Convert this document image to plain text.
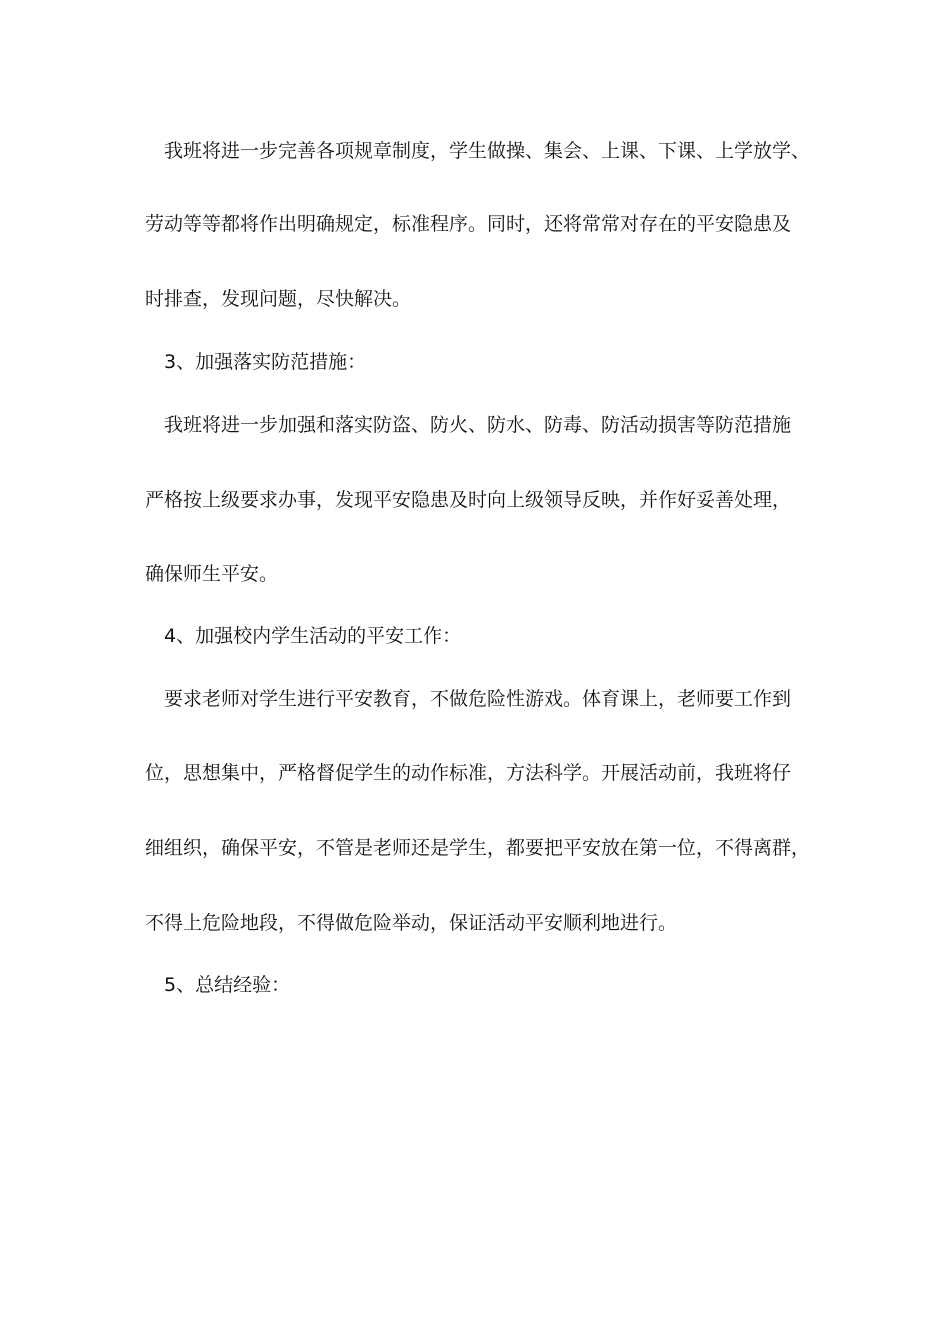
我班将进一步完善各项规章制度，学生做操、集会、上课、下课、上学放学、
劳动等等都将作出明确规定，标准程序。同时，还将常常对存在的平安隐患及
时排查，发现问题，尽快解决。
3、加强落实防范措施：
我班将进一步加强和落实防盗、防火、防水、防毒、防活动损害等防范措施
严格按上级要求办事，发现平安隐患及时向上级领导反映，并作好妥善处理，
确保师生平安。
4、加强校内学生活动的平安工作：
要求老师对学生进行平安教育，不做危险性游戏。体育课上，老师要工作到
位，思想集中，严格督促学生的动作标准，方法科学。开展活动前，我班将仔
细组织，确保平安，不管是老师还是学生，都要把平安放在第一位，不得离群，
不得上危险地段，不得做危险举动，保证活动平安顺利地进行。
5、总结经验：
